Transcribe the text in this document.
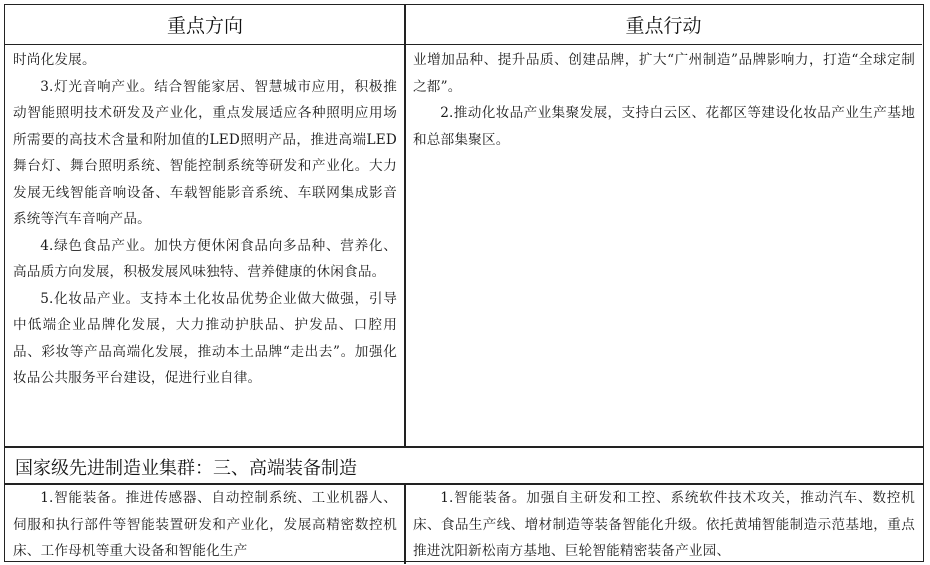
重点方向	重点行动

时尚化发展。

3.灯光音响产业。结合智能家居、智慧城市应用，积极推动智能照明技术研发及产业化，重点发展适应各种照明应用场所需要的高技术含量和附加值的LED照明产品，推进高端LED舞台灯、舞台照明系统、智能控制系统等研发和产业化。大力发展无线智能音响设备、车载智能影音系统、车联网集成影音系统等汽车音响产品。

4.绿色食品产业。加快方便休闲食品向多品种、营养化、高品质方向发展，积极发展风味独特、营养健康的休闲食品。

5.化妆品产业。支持本土化妆品优势企业做大做强，引导中低端企业品牌化发展，大力推动护肤品、护发品、口腔用品、彩妆等产品高端化发展，推动本土品牌“走出去”。加强化妆品公共服务平台建设，促进行业自律。

业增加品种、提升品质、创建品牌，扩大“广州制造”品牌影响力，打造“全球定制之都”。

2.推动化妆品产业集聚发展，支持白云区、花都区等建设化妆品产业生产基地和总部集聚区。

国家级先进制造业集群：三、高端装备制造

1.智能装备。推进传感器、自动控制系统、工业机器人、伺服和执行部件等智能装置研发和产业化，发展高精密数控机床、工作母机等重大设备和智能化生产

1.智能装备。加强自主研发和工控、系统软件技术攻关，推动汽车、数控机床、食品生产线、增材制造等装备智能化升级。依托黄埔智能制造示范基地，重点推进沈阳新松南方基地、巨轮智能精密装备产业园、
